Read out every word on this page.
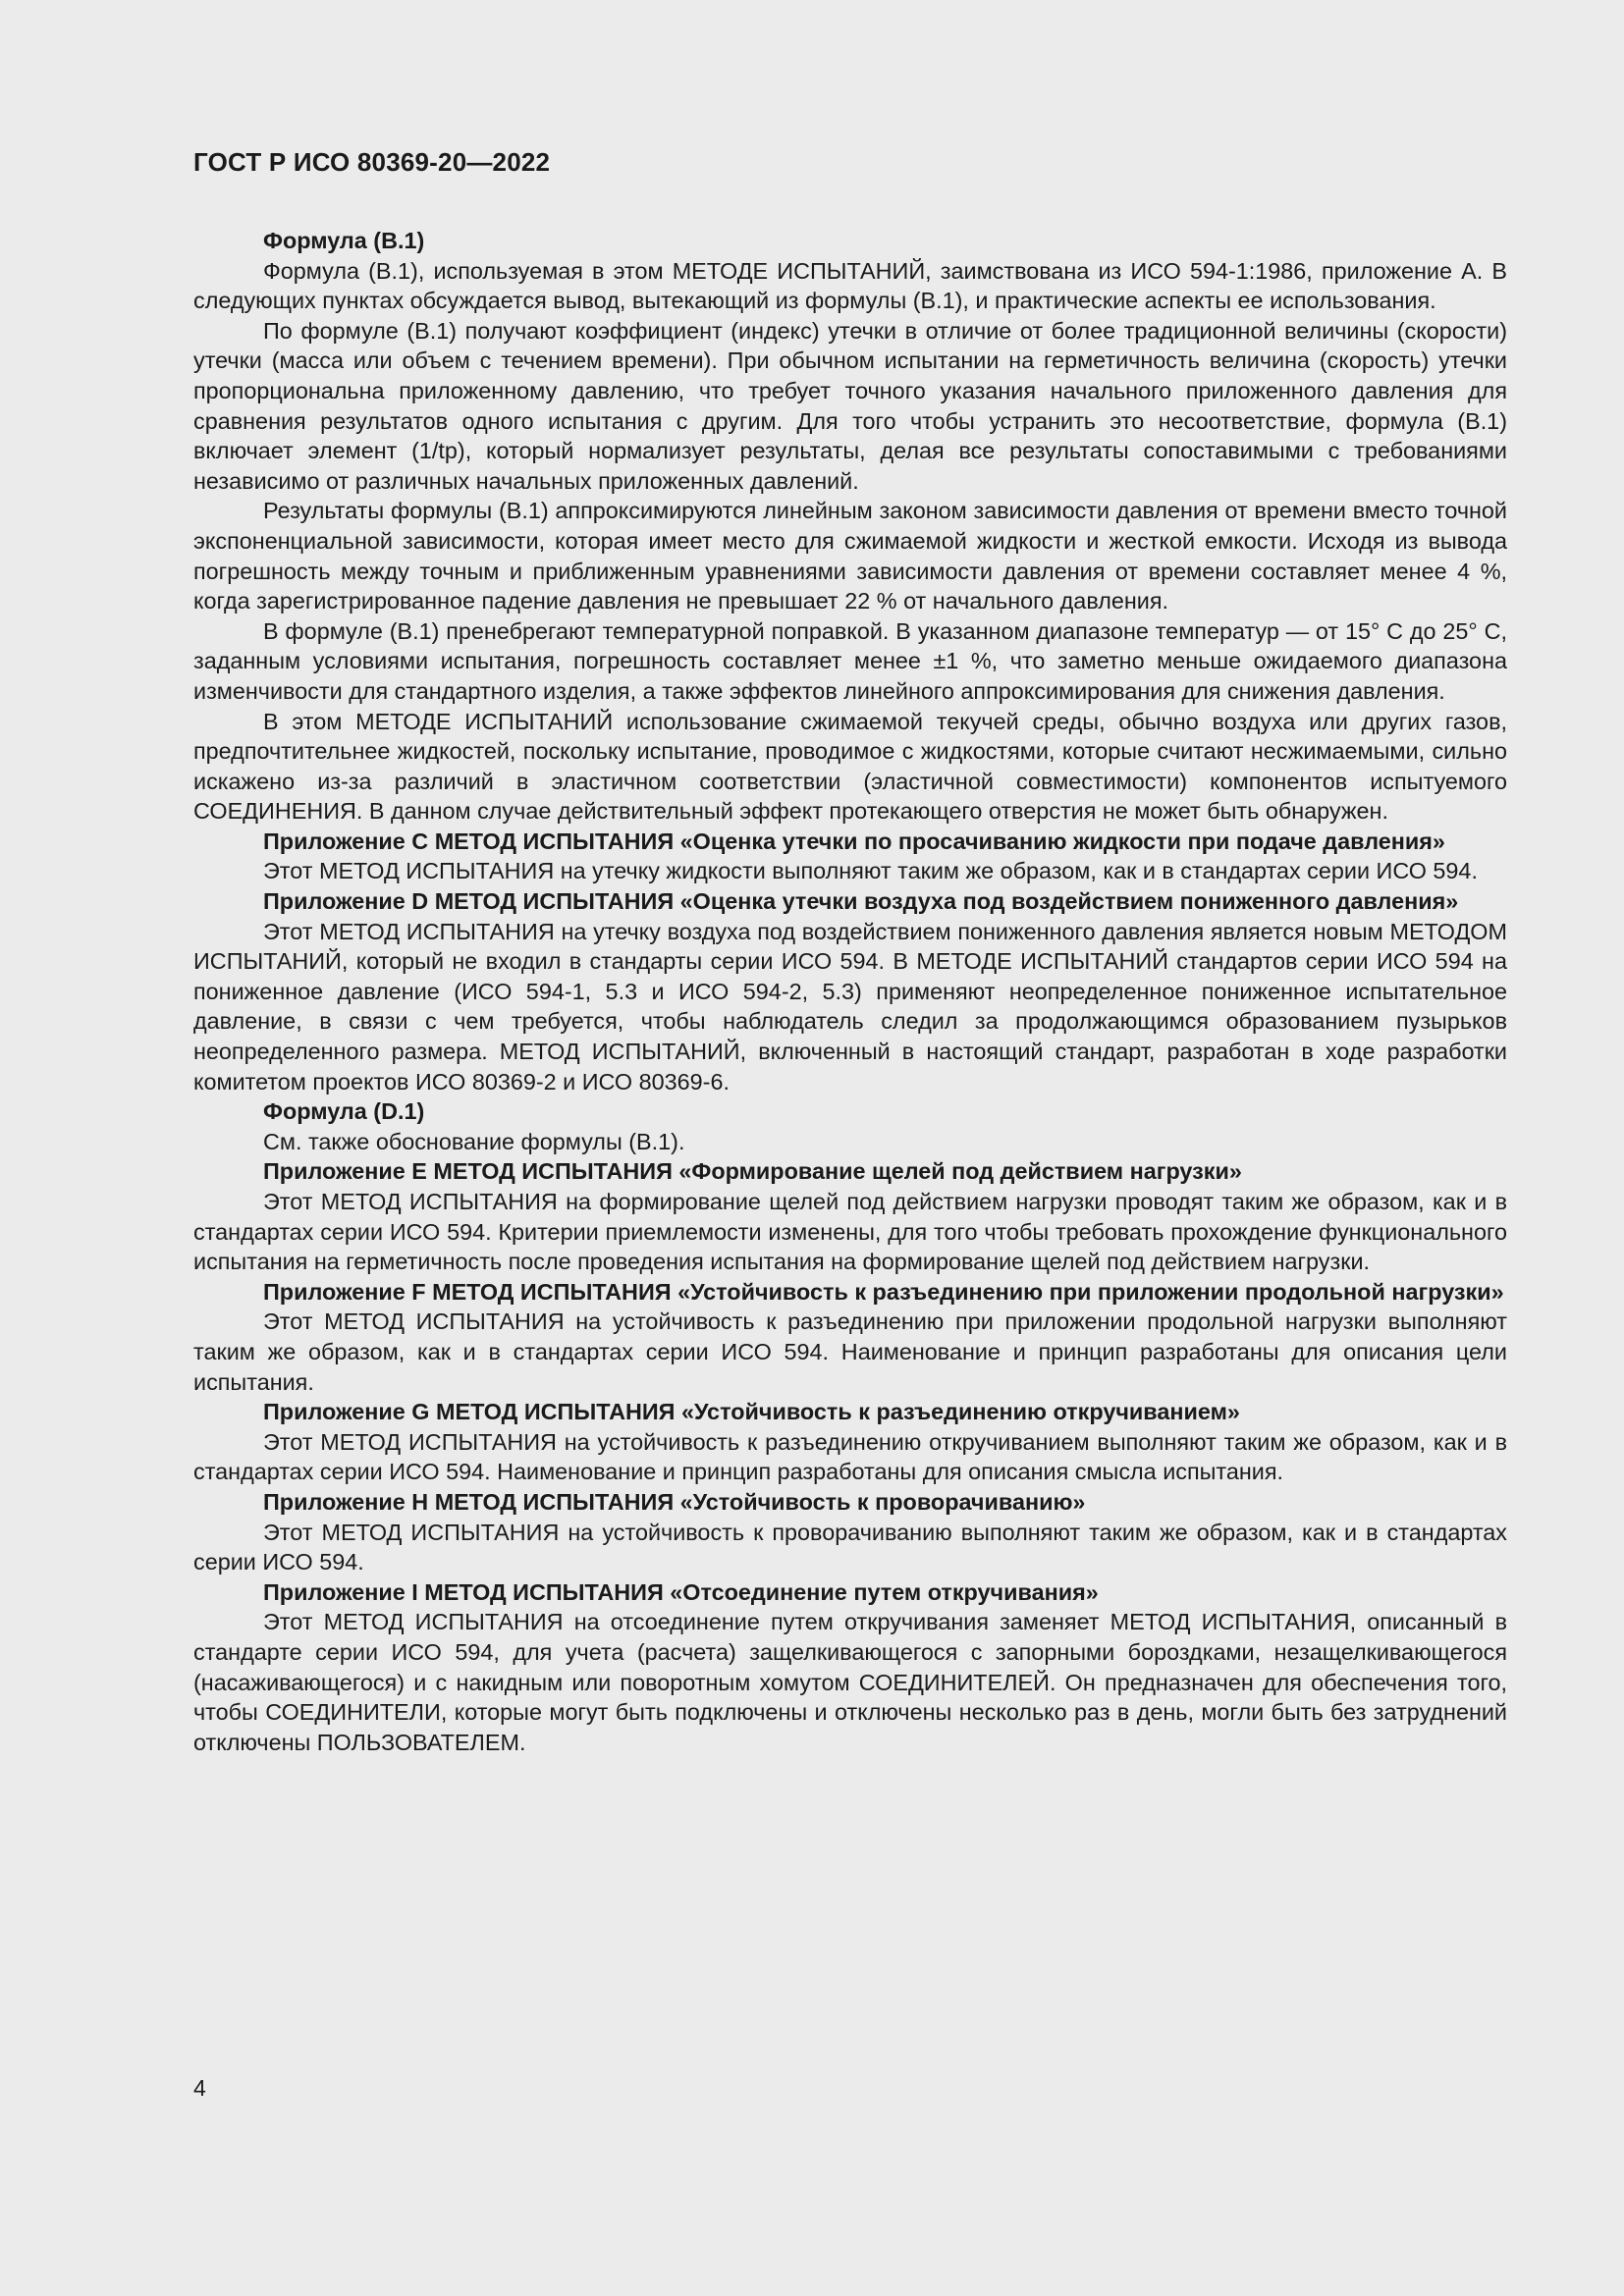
ГОСТ Р ИСО 80369-20—2022

Формула (B.1)

Формула (B.1), используемая в этом МЕТОДЕ ИСПЫТАНИЙ, заимствована из ИСО 594-1:1986, приложение А. В следующих пунктах обсуждается вывод, вытекающий из формулы (B.1), и практические аспекты ее использования.

По формуле (B.1) получают коэффициент (индекс) утечки в отличие от более традиционной величины (скорости) утечки (масса или объем с течением времени). При обычном испытании на герметичность величина (скорость) утечки пропорциональна приложенному давлению, что требует точного указания начального приложенного давления для сравнения результатов одного испытания с другим. Для того чтобы устранить это несоответствие, формула (B.1) включает элемент (1/tp), который нормализует результаты, делая все результаты сопоставимыми с требованиями независимо от различных начальных приложенных давлений.

Результаты формулы (B.1) аппроксимируются линейным законом зависимости давления от времени вместо точной экспоненциальной зависимости, которая имеет место для сжимаемой жидкости и жесткой емкости. Исходя из вывода погрешность между точным и приближенным уравнениями зависимости давления от времени составляет менее 4 %, когда зарегистрированное падение давления не превышает 22 % от начального давления.

В формуле (B.1) пренебрегают температурной поправкой. В указанном диапазоне температур — от 15° С до 25° С, заданным условиями испытания, погрешность составляет менее ±1 %, что заметно меньше ожидаемого диапазона изменчивости для стандартного изделия, а также эффектов линейного аппроксимирования для снижения давления.

В этом МЕТОДЕ ИСПЫТАНИЙ использование сжимаемой текучей среды, обычно воздуха или других газов, предпочтительнее жидкостей, поскольку испытание, проводимое с жидкостями, которые считают несжимаемыми, сильно искажено из-за различий в эластичном соответствии (эластичной совместимости) компонентов испытуемого СОЕДИНЕНИЯ. В данном случае действительный эффект протекающего отверстия не может быть обнаружен.

Приложение С МЕТОД ИСПЫТАНИЯ «Оценка утечки по просачиванию жидкости при подаче давления»

Этот МЕТОД ИСПЫТАНИЯ на утечку жидкости выполняют таким же образом, как и в стандартах серии ИСО 594.

Приложение D МЕТОД ИСПЫТАНИЯ «Оценка утечки воздуха под воздействием пониженного давления»

Этот МЕТОД ИСПЫТАНИЯ на утечку воздуха под воздействием пониженного давления является новым МЕТОДОМ ИСПЫТАНИЙ, который не входил в стандарты серии ИСО 594. В МЕТОДЕ ИСПЫТАНИЙ стандартов серии ИСО 594 на пониженное давление (ИСО 594-1, 5.3 и ИСО 594-2, 5.3) применяют неопределенное пониженное испытательное давление, в связи с чем требуется, чтобы наблюдатель следил за продолжающимся образованием пузырьков неопределенного размера. МЕТОД ИСПЫТАНИЙ, включенный в настоящий стандарт, разработан в ходе разработки комитетом проектов ИСО 80369-2 и ИСО 80369-6.

Формула (D.1)

См. также обоснование формулы (B.1).

Приложение Е МЕТОД ИСПЫТАНИЯ «Формирование щелей под действием нагрузки»

Этот МЕТОД ИСПЫТАНИЯ на формирование щелей под действием нагрузки проводят таким же образом, как и в стандартах серии ИСО 594. Критерии приемлемости изменены, для того чтобы требовать прохождение функционального испытания на герметичность после проведения испытания на формирование щелей под действием нагрузки.

Приложение F МЕТОД ИСПЫТАНИЯ «Устойчивость к разъединению при приложении продольной нагрузки»

Этот МЕТОД ИСПЫТАНИЯ на устойчивость к разъединению при приложении продольной нагрузки выполняют таким же образом, как и в стандартах серии ИСО 594. Наименование и принцип разработаны для описания цели испытания.

Приложение G МЕТОД ИСПЫТАНИЯ «Устойчивость к разъединению откручиванием»

Этот МЕТОД ИСПЫТАНИЯ на устойчивость к разъединению откручиванием выполняют таким же образом, как и в стандартах серии ИСО 594. Наименование и принцип разработаны для описания смысла испытания.

Приложение Н МЕТОД ИСПЫТАНИЯ «Устойчивость к проворачиванию»

Этот МЕТОД ИСПЫТАНИЯ на устойчивость к проворачиванию выполняют таким же образом, как и в стандартах серии ИСО 594.

Приложение I МЕТОД ИСПЫТАНИЯ «Отсоединение путем откручивания»

Этот МЕТОД ИСПЫТАНИЯ на отсоединение путем откручивания заменяет МЕТОД ИСПЫТАНИЯ, описанный в стандарте серии ИСО 594, для учета (расчета) защелкивающегося с запорными бороздками, незащелкивающегося (насаживающегося) и с накидным или поворотным хомутом СОЕДИНИТЕЛЕЙ. Он предназначен для обеспечения того, чтобы СОЕДИНИТЕЛИ, которые могут быть подключены и отключены несколько раз в день, могли быть без затруднений отключены ПОЛЬЗОВАТЕЛЕМ.

4
